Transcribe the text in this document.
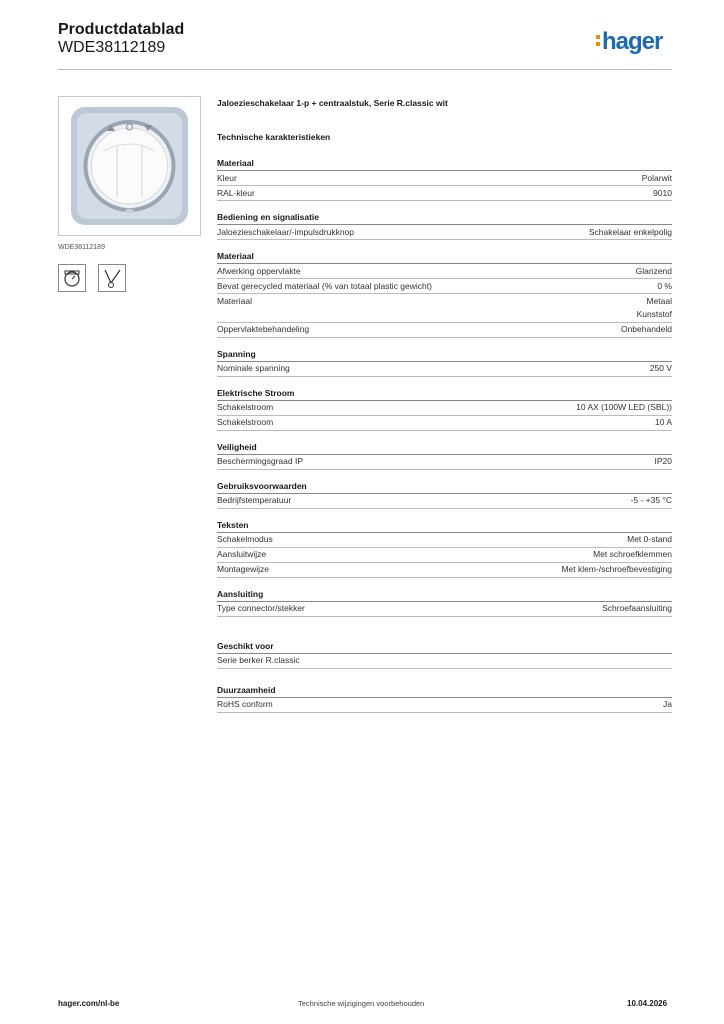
Productdatablad
WDE38112189	hager
WDE38112189
Jaloezieschakelaar 1-p + centraalstuk, Serie R.classic wit
Technische karakteristieken
Materiaal
Kleur	Polarwit
RAL-kleur	9010
Bediening en signalisatie
Jaloezieschakelaar/-impulsdrukknop	Schakelaar enkelpolig
Materiaal
Afwerking oppervlakte	Glanzend
Bevat gerecycled materiaal (% van totaal plastic gewicht)	0 %
Materiaal	Metaal
Kunststof
Oppervlaktebehandeling	Onbehandeld
Spanning
Nominale spanning	250 V
Elektrische Stroom
Schakelstroom	10 AX (100W LED (SBL))
Schakelstroom	10 A
Veiligheid
Beschermingsgraad IP	IP20
Gebruiksvoorwaarden
Bedrijfstemperatuur	-5 - +35 °C
Teksten
Schakelmodus	Met 0-stand
Aansluitwijze	Met schroefklemmen
Montagewijze	Met klem-/schroefbevestiging
Aansluiting
Type connector/stekker	Schroefaansluiting
Geschikt voor
Serie berker R.classic
Duurzaamheid
RoHS conform	Ja
hager.com/nl-be	Technische wijzigingen voorbehouden	10.04.2026
